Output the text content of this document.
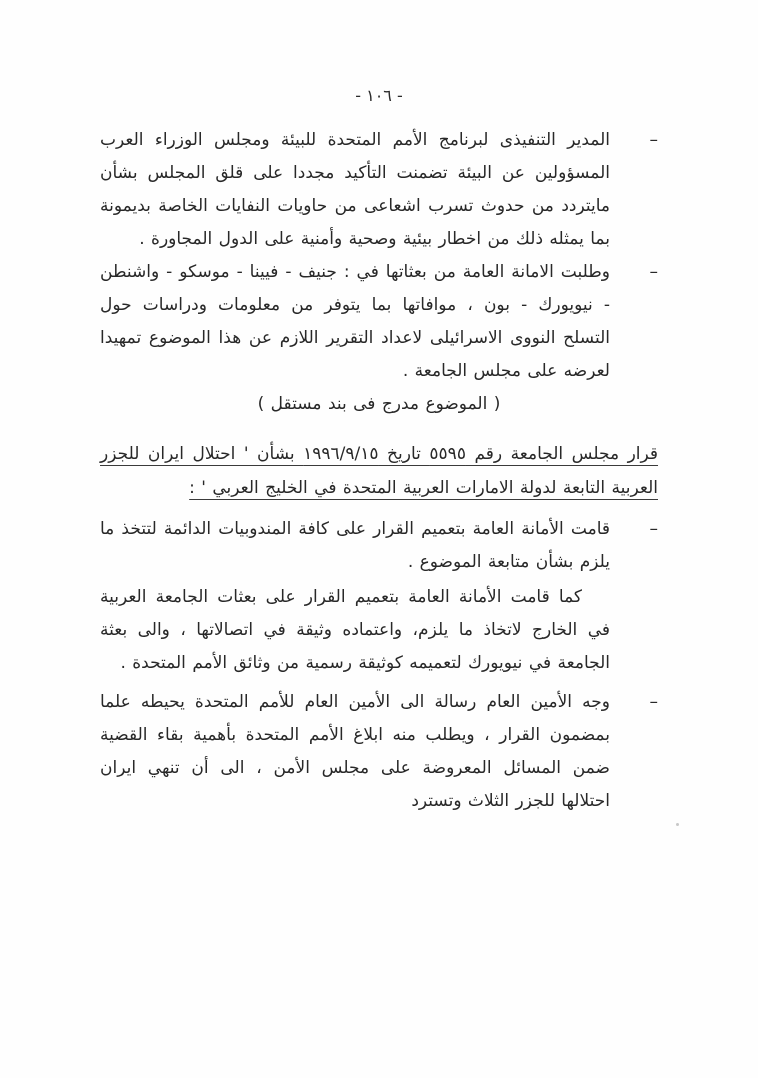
- ١٠٦ -
–
المدير التنفيذى لبرنامج الأمم المتحدة للبيئة ومجلس الوزراء العرب المسؤولين عن البيئة تضمنت التأكيد مجددا على قلق المجلس بشأن مايتردد من حدوث تسرب اشعاعى من حاويات النفايات الخاصة بديمونة بما يمثله ذلك من اخطار بيئية وصحية وأمنية على الدول المجاورة .
–
وطلبت الامانة العامة من بعثاتها في : جنيف - فيينا - موسكو - واشنطن - نيويورك - بون ، موافاتها بما يتوفر من معلومات ودراسات حول التسلح النووى الاسرائيلى لاعداد التقرير اللازم عن هذا الموضوع تمهيدا لعرضه على مجلس الجامعة .
( الموضوع مدرج فى بند مستقل )
قرار مجلس الجامعة رقم ٥٥٩٥ تاريخ ١٩٩٦/٩/١٥ بشأن ' احتلال ايران للجزر العربية التابعة لدولة الامارات العربية المتحدة في الخليج العربي ' :
–
قامت الأمانة العامة بتعميم القرار على كافة المندوبيات الدائمة لتتخذ ما يلزم بشأن متابعة الموضوع .
كما قامت الأمانة العامة بتعميم القرار على بعثات الجامعة العربية في الخارج لاتخاذ ما يلزم، واعتماده وثيقة في اتصالاتها ، والى بعثة الجامعة في نيويورك لتعميمه كوثيقة رسمية من وثائق الأمم المتحدة .
–
وجه الأمين العام رسالة الى الأمين العام للأمم المتحدة يحيطه علما بمضمون القرار ، ويطلب منه ابلاغ الأمم المتحدة بأهمية بقاء القضية ضمن المسائل المعروضة على مجلس الأمن ، الى أن تنهي ايران احتلالها للجزر الثلاث وتسترد
